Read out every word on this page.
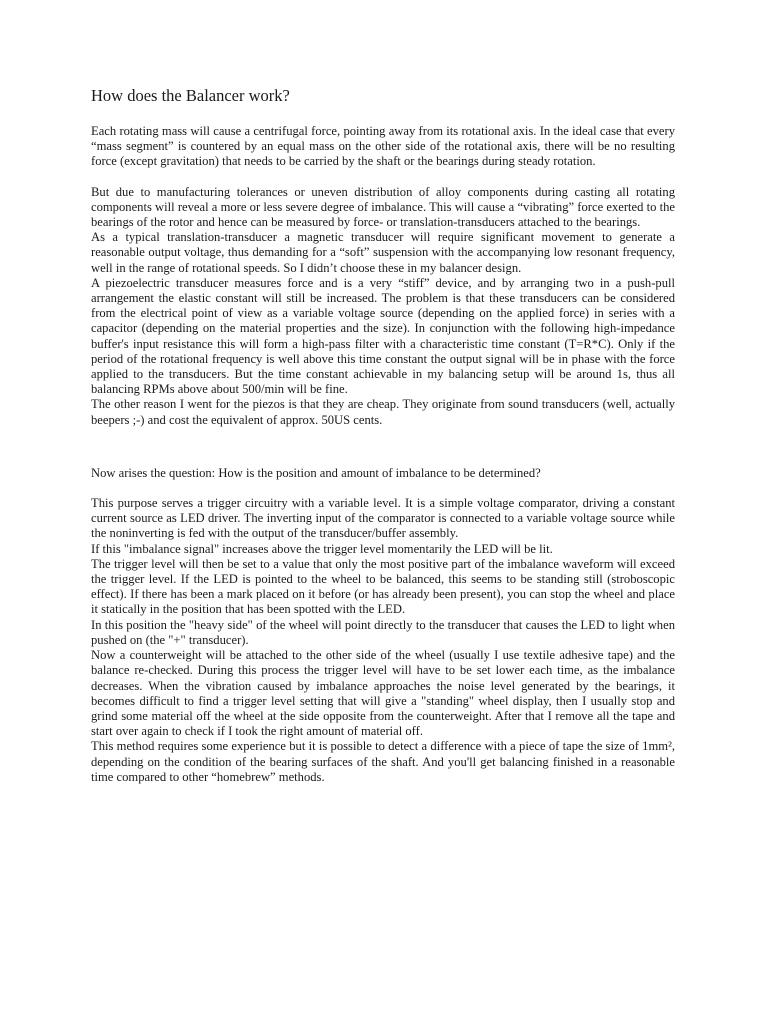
How does the Balancer work?

Each rotating mass will cause a centrifugal force, pointing away from its rotational axis. In the ideal case that every “mass segment” is countered by an equal mass on the other side of the rotational axis, there will be no resulting force (except gravitation) that needs to be carried by the shaft or the bearings during steady rotation.

But due to manufacturing tolerances or uneven distribution of alloy components during casting all rotating components will reveal a more or less severe degree of imbalance. This will cause a “vibrating” force exerted to the bearings of the rotor and hence can be measured by force- or translation-transducers attached to the bearings.

As a typical translation-transducer a magnetic transducer will require significant movement to generate a reasonable output voltage, thus demanding for a “soft” suspension with the accompanying low resonant frequency, well in the range of rotational speeds. So I didn’t choose these in my balancer design.

A piezoelectric transducer measures force and is a very “stiff” device, and by arranging two in a push-pull arrangement the elastic constant will still be increased. The problem is that these transducers can be considered from the electrical point of view as a variable voltage source (depending on the applied force) in series with a capacitor (depending on the material properties and the size). In conjunction with the following high-impedance buffer's input resistance this will form a high-pass filter with a characteristic time constant (T=R*C). Only if the period of the rotational frequency is well above this time constant the output signal will be in phase with the force applied to the transducers. But the time constant achievable in my balancing setup will be around 1s, thus all balancing RPMs above about 500/min will be fine.

The other reason I went for the piezos is that they are cheap. They originate from sound transducers (well, actually beepers ;-) and cost the equivalent of approx. 50US cents.

Now arises the question: How is the position and amount of imbalance to be determined?

This purpose serves a trigger circuitry with a variable level. It is a simple voltage comparator, driving a constant current source as LED driver. The inverting input of the comparator is connected to a variable voltage source while the noninverting is fed with the output of the transducer/buffer assembly.

If this "imbalance signal" increases above the trigger level momentarily the LED will be lit.

The trigger level will then be set to a value that only the most positive part of the imbalance waveform will exceed the trigger level. If the LED is pointed to the wheel to be balanced, this seems to be standing still (stroboscopic effect). If there has been a mark placed on it before (or has already been present), you can stop the wheel and place it statically in the position that has been spotted with the LED.

In this position the "heavy side" of the wheel will point directly to the transducer that causes the LED to light when pushed on (the "+" transducer).

Now a counterweight will be attached to the other side of the wheel (usually I use textile adhesive tape) and the balance re-checked. During this process the trigger level will have to be set lower each time, as the imbalance decreases. When the vibration caused by imbalance approaches the noise level generated by the bearings, it becomes difficult to find a trigger level setting that will give a "standing" wheel display, then I usually stop and grind some material off the wheel at the side opposite from the counterweight. After that I remove all the tape and start over again to check if I took the right amount of material off.

This method requires some experience but it is possible to detect a difference with a piece of tape the size of 1mm², depending on the condition of the bearing surfaces of the shaft. And you'll get balancing finished in a reasonable time compared to other “homebrew” methods.
